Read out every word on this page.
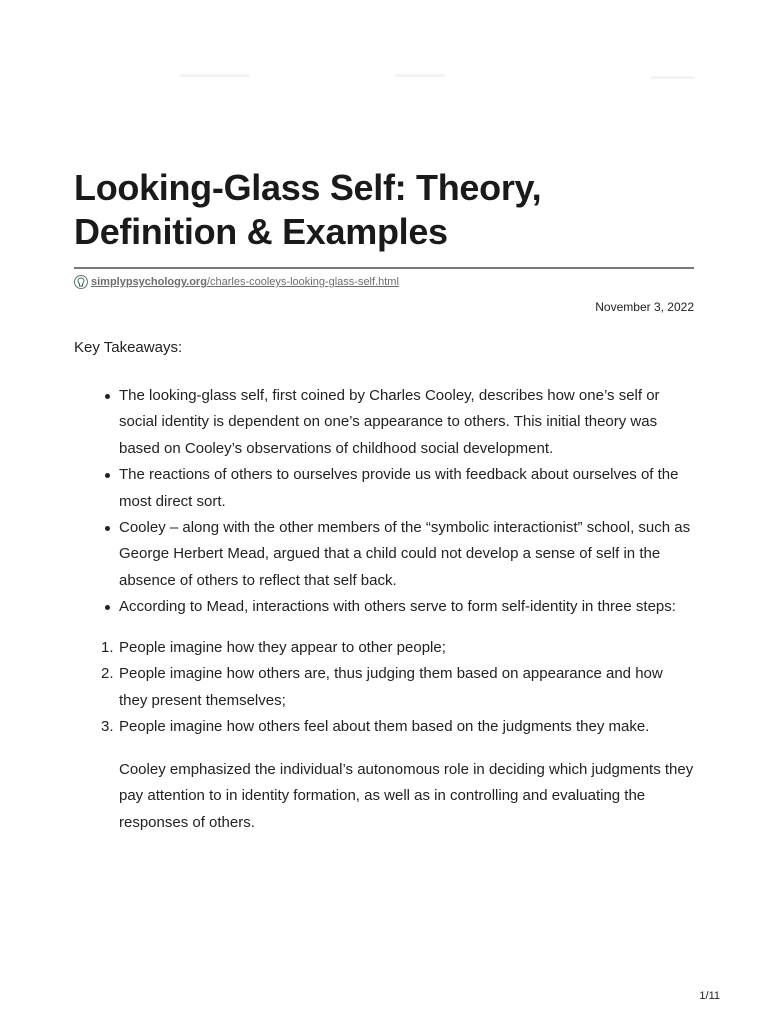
Looking-Glass Self: Theory, Definition & Examples
simplypsychology.org/charles-cooleys-looking-glass-self.html
November 3, 2022

Key Takeaways:

The looking-glass self, first coined by Charles Cooley, describes how one’s self or social identity is dependent on one’s appearance to others. This initial theory was based on Cooley’s observations of childhood social development.
The reactions of others to ourselves provide us with feedback about ourselves of the most direct sort.
Cooley – along with the other members of the “symbolic interactionist” school, such as George Herbert Mead, argued that a child could not develop a sense of self in the absence of others to reflect that self back.
According to Mead, interactions with others serve to form self-identity in three steps:
1. People imagine how they appear to other people;
2. People imagine how others are, thus judging them based on appearance and how they present themselves;
3. People imagine how others feel about them based on the judgments they make.

Cooley emphasized the individual’s autonomous role in deciding which judgments they pay attention to in identity formation, as well as in controlling and evaluating the responses of others.

1/11
